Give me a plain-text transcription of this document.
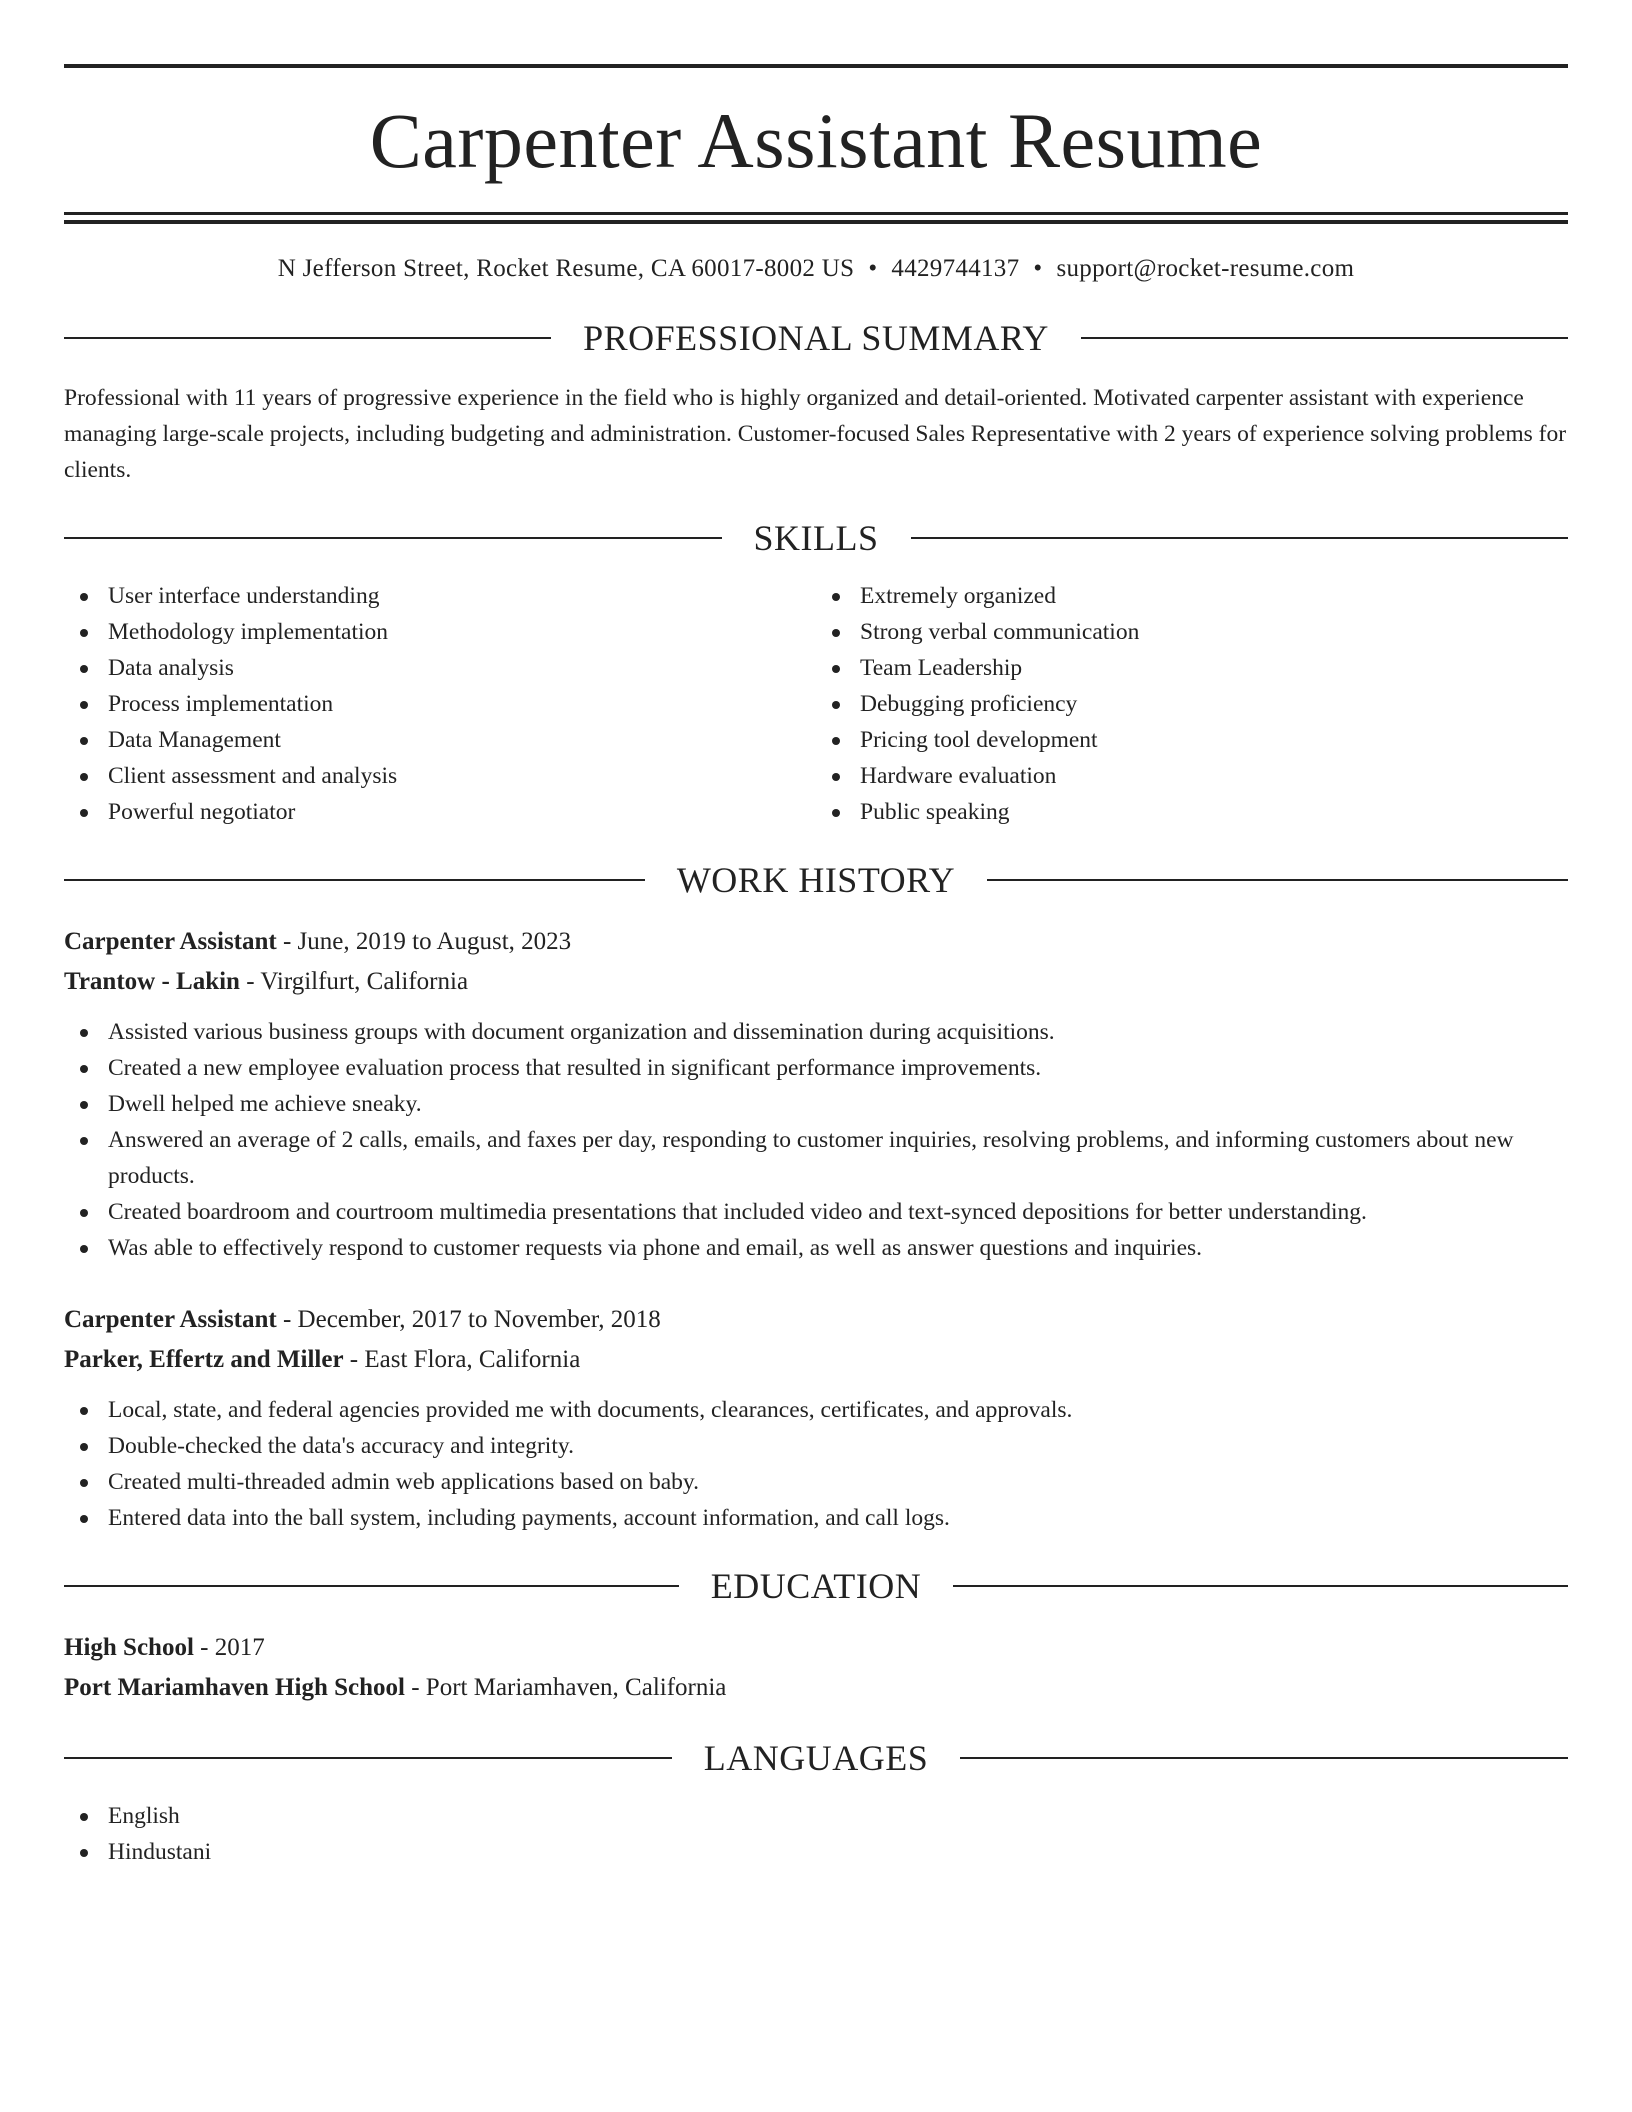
Carpenter Assistant Resume
N Jefferson Street, Rocket Resume, CA 60017-8002 US • 4429744137 • support@rocket-resume.com
PROFESSIONAL SUMMARY

Professional with 11 years of progressive experience in the field who is highly organized and detail-oriented. Motivated carpenter assistant with experience managing large-scale projects, including budgeting and administration. Customer-focused Sales Representative with 2 years of experience solving problems for clients.

SKILLS
User interface understanding
Methodology implementation
Data analysis
Process implementation
Data Management
Client assessment and analysis
Powerful negotiator
Extremely organized
Strong verbal communication
Team Leadership
Debugging proficiency
Pricing tool development
Hardware evaluation
Public speaking
WORK HISTORY
Carpenter Assistant - June, 2019 to August, 2023
Trantow - Lakin - Virgilfurt, California
Assisted various business groups with document organization and dissemination during acquisitions.
Created a new employee evaluation process that resulted in significant performance improvements.
Dwell helped me achieve sneaky.
Answered an average of 2 calls, emails, and faxes per day, responding to customer inquiries, resolving problems, and informing customers about new products.
Created boardroom and courtroom multimedia presentations that included video and text-synced depositions for better understanding.
Was able to effectively respond to customer requests via phone and email, as well as answer questions and inquiries.
Carpenter Assistant - December, 2017 to November, 2018
Parker, Effertz and Miller - East Flora, California
Local, state, and federal agencies provided me with documents, clearances, certificates, and approvals.
Double-checked the data's accuracy and integrity.
Created multi-threaded admin web applications based on baby.
Entered data into the ball system, including payments, account information, and call logs.
EDUCATION
High School - 2017
Port Mariamhaven High School - Port Mariamhaven, California
LANGUAGES
English
Hindustani
